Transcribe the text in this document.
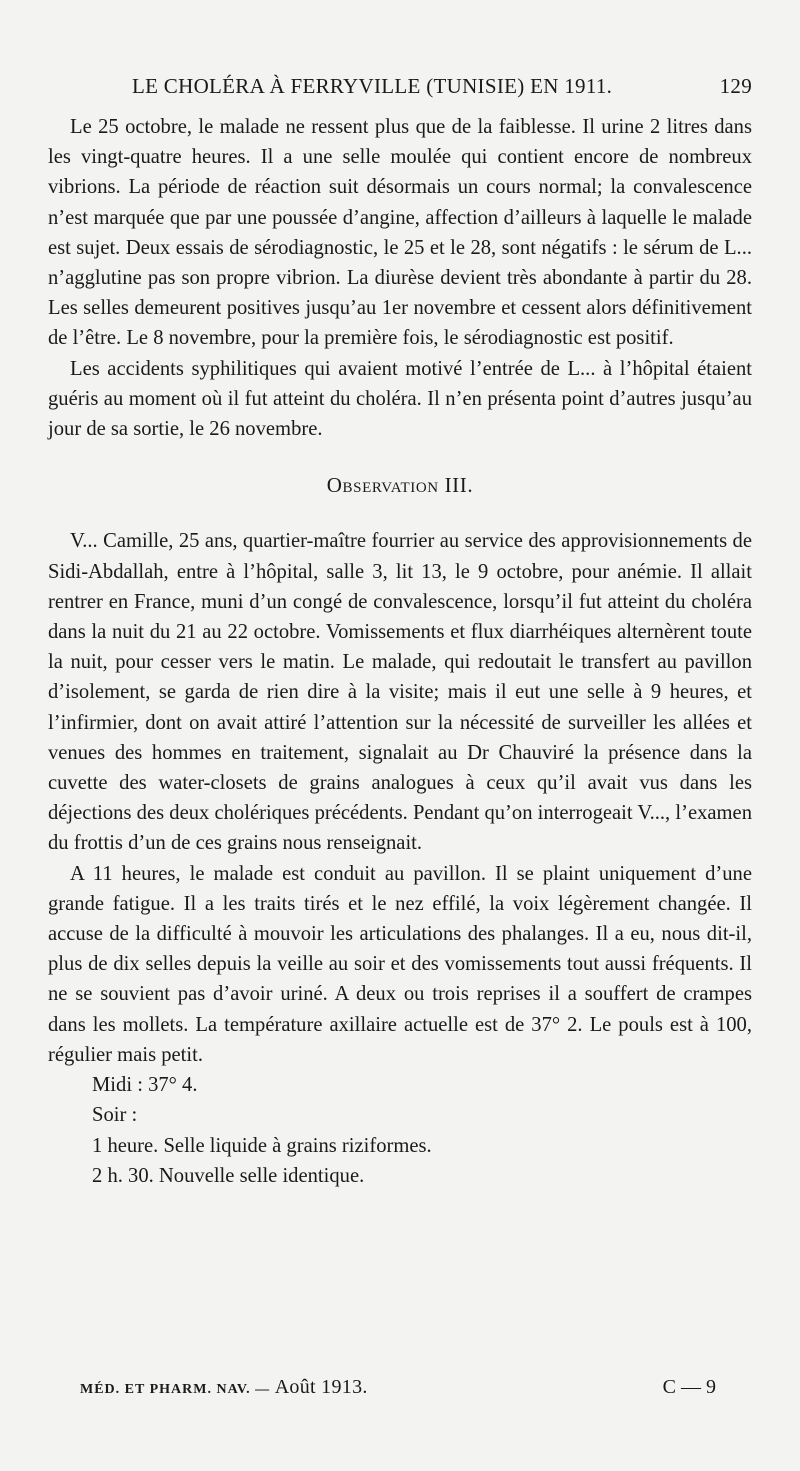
LE CHOLÉRA À FERRYVILLE (TUNISIE) EN 1911.	129

Le 25 octobre, le malade ne ressent plus que de la faiblesse. Il urine 2 litres dans les vingt-quatre heures. Il a une selle moulée qui contient encore de nombreux vibrions. La période de réaction suit désormais un cours normal; la convalescence n’est marquée que par une poussée d’angine, affection d’ailleurs à laquelle le malade est sujet. Deux essais de sérodiagnostic, le 25 et le 28, sont négatifs : le sérum de L... n’agglutine pas son propre vibrion. La diurèse devient très abondante à partir du 28. Les selles demeurent positives jusqu’au 1er novembre et cessent alors définitivement de l’être. Le 8 novembre, pour la première fois, le sérodiagnostic est positif.

Les accidents syphilitiques qui avaient motivé l’entrée de L... à l’hôpital étaient guéris au moment où il fut atteint du choléra. Il n’en présenta point d’autres jusqu’au jour de sa sortie, le 26 novembre.

Observation III.

V... Camille, 25 ans, quartier-maître fourrier au service des approvisionnements de Sidi-Abdallah, entre à l’hôpital, salle 3, lit 13, le 9 octobre, pour anémie. Il allait rentrer en France, muni d’un congé de convalescence, lorsqu’il fut atteint du choléra dans la nuit du 21 au 22 octobre. Vomissements et flux diarrhéiques alternèrent toute la nuit, pour cesser vers le matin. Le malade, qui redoutait le transfert au pavillon d’isolement, se garda de rien dire à la visite; mais il eut une selle à 9 heures, et l’infirmier, dont on avait attiré l’attention sur la nécessité de surveiller les allées et venues des hommes en traitement, signalait au Dr Chauviré la présence dans la cuvette des water-closets de grains analogues à ceux qu’il avait vus dans les déjections des deux cholériques précédents. Pendant qu’on interrogeait V..., l’examen du frottis d’un de ces grains nous renseignait.

A 11 heures, le malade est conduit au pavillon. Il se plaint uniquement d’une grande fatigue. Il a les traits tirés et le nez effilé, la voix légèrement changée. Il accuse de la difficulté à mouvoir les articulations des phalanges. Il a eu, nous dit-il, plus de dix selles depuis la veille au soir et des vomissements tout aussi fréquents. Il ne se souvient pas d’avoir uriné. A deux ou trois reprises il a souffert de crampes dans les mollets. La température axillaire actuelle est de 37° 2. Le pouls est à 100, régulier mais petit.

Midi : 37° 4.

Soir :

1 heure. Selle liquide à grains riziformes.

2 h. 30. Nouvelle selle identique.

MÉD. ET PHARM. NAV. — Août 1913.	C — 9
